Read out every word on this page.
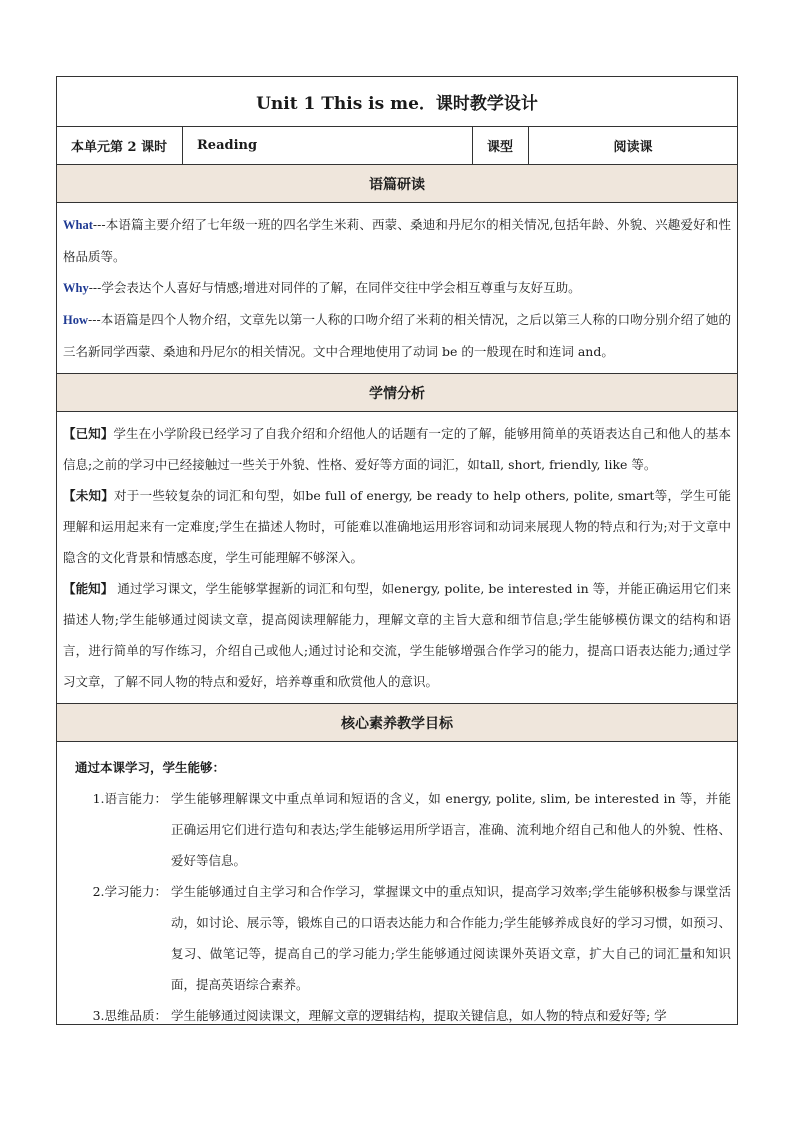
Unit 1 This is me．课时教学设计
本单元第 2 课时	Reading	课型	阅读课
语篇研读
What---本语篇主要介绍了七年级一班的四名学生米莉、西蒙、桑迪和丹尼尔的相关情况,包括年龄、外貌、兴趣爱好和性格品质等。
Why---学会表达个人喜好与情感;增进对同伴的了解，在同伴交往中学会相互尊重与友好互助。
How---本语篇是四个人物介绍，文章先以第一人称的口吻介绍了米莉的相关情况，之后以第三人称的口吻分别介绍了她的三名新同学西蒙、桑迪和丹尼尔的相关情况。文中合理地使用了动词 be 的一般现在时和连词 and。
学情分析
【已知】学生在小学阶段已经学习了自我介绍和介绍他人的话题有一定的了解，能够用简单的英语表达自己和他人的基本信息;之前的学习中已经接触过一些关于外貌、性格、爱好等方面的词汇，如tall, short, friendly, like 等。
【未知】对于一些较复杂的词汇和句型，如be full of energy, be ready to help others, polite, smart等，学生可能理解和运用起来有一定难度;学生在描述人物时，可能难以准确地运用形容词和动词来展现人物的特点和行为;对于文章中隐含的文化背景和情感态度，学生可能理解不够深入。
【能知】 通过学习课文，学生能够掌握新的词汇和句型，如energy, polite, be interested in 等，并能正确运用它们来描述人物;学生能够通过阅读文章，提高阅读理解能力，理解文章的主旨大意和细节信息;学生能够模仿课文的结构和语言，进行简单的写作练习，介绍自己或他人;通过讨论和交流，学生能够增强合作学习的能力，提高口语表达能力;通过学习文章，了解不同人物的特点和爱好，培养尊重和欣赏他人的意识。
核心素养教学目标
通过本课学习，学生能够：
1.语言能力： 学生能够理解课文中重点单词和短语的含义，如 energy, polite, slim, be interested in 等，并能正确运用它们进行造句和表达;学生能够运用所学语言，准确、流利地介绍自己和他人的外貌、性格、爱好等信息。
2.学习能力： 学生能够通过自主学习和合作学习，掌握课文中的重点知识，提高学习效率;学生能够积极参与课堂活动，如讨论、展示等，锻炼自己的口语表达能力和合作能力;学生能够养成良好的学习习惯，如预习、复习、做笔记等，提高自己的学习能力;学生能够通过阅读课外英语文章，扩大自己的词汇量和知识面，提高英语综合素养。
3.思维品质： 学生能够通过阅读课文，理解文章的逻辑结构，提取关键信息，如人物的特点和爱好等; 学
